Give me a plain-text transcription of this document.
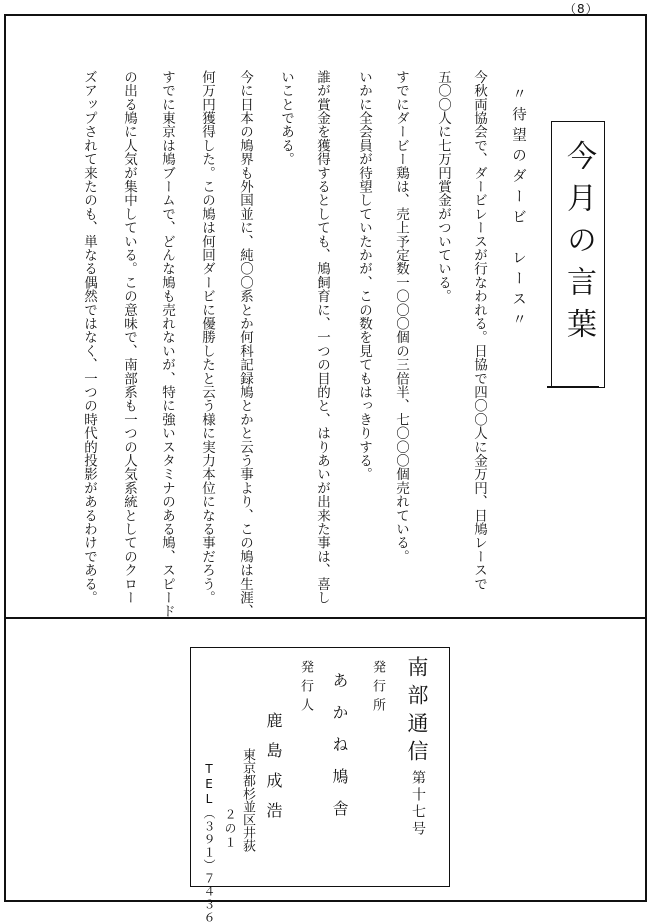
（8）
今月の言葉
〃待望のダービ　レース〃
今秋両協会で、ダービレースが行なわれる。日協で四〇〇人に金万円、日鳩レースで
五〇〇人に七万円賞金がついている。
すでにダービー鶏は、売上予定数一〇〇〇個の三倍半、七〇〇〇個売れている。
いかに全会員が待望していたかが、この数を見てもはっきりする。
誰が賞金を獲得するとしても、鳩飼育に、一つの目的と、はりあいが出来た事は、喜し
いことである。
今に日本の鳩界も外国並に、純〇〇系とか何科記録鳩とかと云う事より、この鳩は生涯、
何万円獲得した。この鳩は何回ダービに優勝したと云う様に実力本位になる事だろう。
すでに東京は鳩ブームで、どんな鳩も売れないが、特に強いスタミナのある鳩、スピード
の出る鳩に人気が集中している。この意味で、南部系も一つの人気系統としてのクロー
ズアップされて来たのも、単なる偶然ではなく、一つの時代的投影があるわけである。
南部通信
第十七号
発行所
あかね鳩舎
発行人
鹿島成浩
東京都杉並区井荻
２の１
TEL（３９１）７４３６
